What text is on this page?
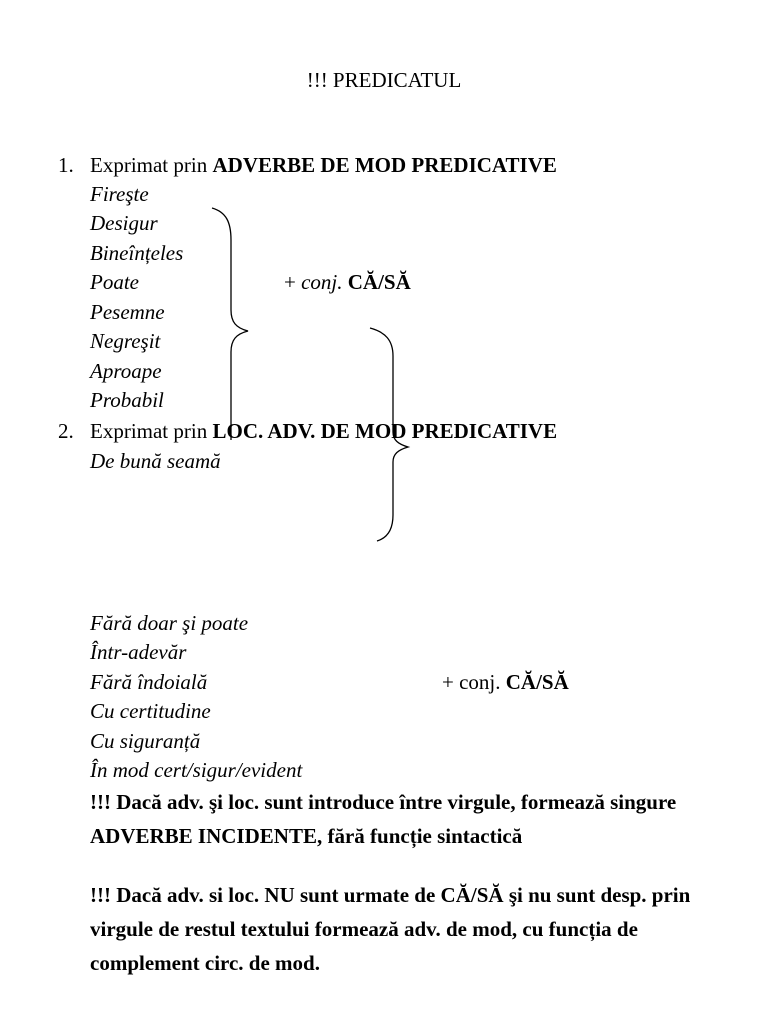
!!! PREDICATUL
1. Exprimat prin ADVERBE DE MOD PREDICATIVE
Fireşte
Desigur
Bineînțeles
Poate
Pesemne
Negreşit
Aproape
Probabil
+ conj. CĂ/SĂ
2. Exprimat prin LOC. ADV. DE MOD PREDICATIVE
De bună seamă
Fără doar şi poate
Într-adevăr
Fără îndoială
Cu certitudine
Cu siguranță
În mod cert/sigur/evident
+ conj. CĂ/SĂ
!!! Dacă adv. şi loc. sunt introduce între virgule, formează singure ADVERBE INCIDENTE, fără funcție sintactică
!!! Dacă adv. si loc. NU sunt urmate de CĂ/SĂ şi nu sunt desp. prin virgule de restul textului formează adv. de mod, cu funcția de complement circ. de mod.
